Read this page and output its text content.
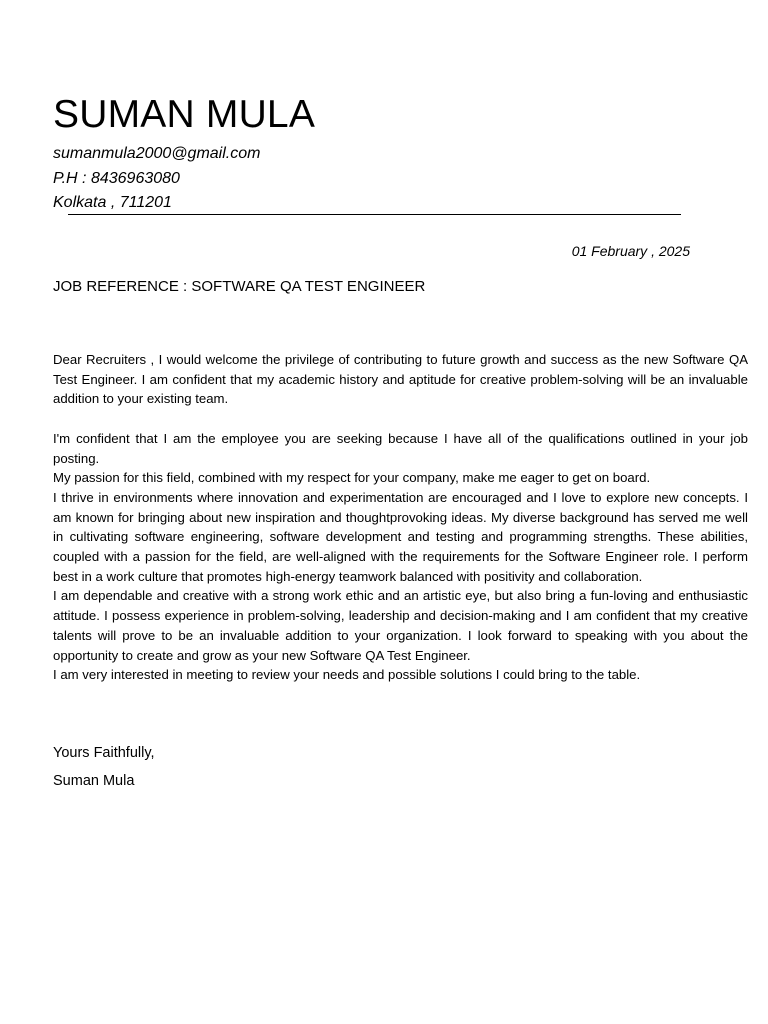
SUMAN MULA
sumanmula2000@gmail.com
P.H : 8436963080
Kolkata , 711201
01 February , 2025
JOB REFERENCE : SOFTWARE QA TEST ENGINEER

Dear Recruiters , I would welcome the privilege of contributing to future growth and success as the new Software QA Test Engineer. I am confident that my academic history and aptitude for creative problem-solving will be an invaluable addition to your existing team.

I'm confident that I am the employee you are seeking because I have all of the qualifications outlined in your job posting.

My passion for this field, combined with my respect for your company, make me eager to get on board.

I thrive in environments where innovation and experimentation are encouraged and I love to explore new concepts. I am known for bringing about new inspiration and thoughtprovoking ideas. My diverse background has served me well in cultivating software engineering, software development and testing and programming strengths. These abilities, coupled with a passion for the field, are well-aligned with the requirements for the Software Engineer role. I perform best in a work culture that promotes high-energy teamwork balanced with positivity and collaboration.

I am dependable and creative with a strong work ethic and an artistic eye, but also bring a fun-loving and enthusiastic attitude. I possess experience in problem-solving, leadership and decision-making and I am confident that my creative talents will prove to be an invaluable addition to your organization. I look forward to speaking with you about the opportunity to create and grow as your new Software QA Test Engineer.

I am very interested in meeting to review your needs and possible solutions I could bring to the table.

Yours Faithfully,
Suman Mula
